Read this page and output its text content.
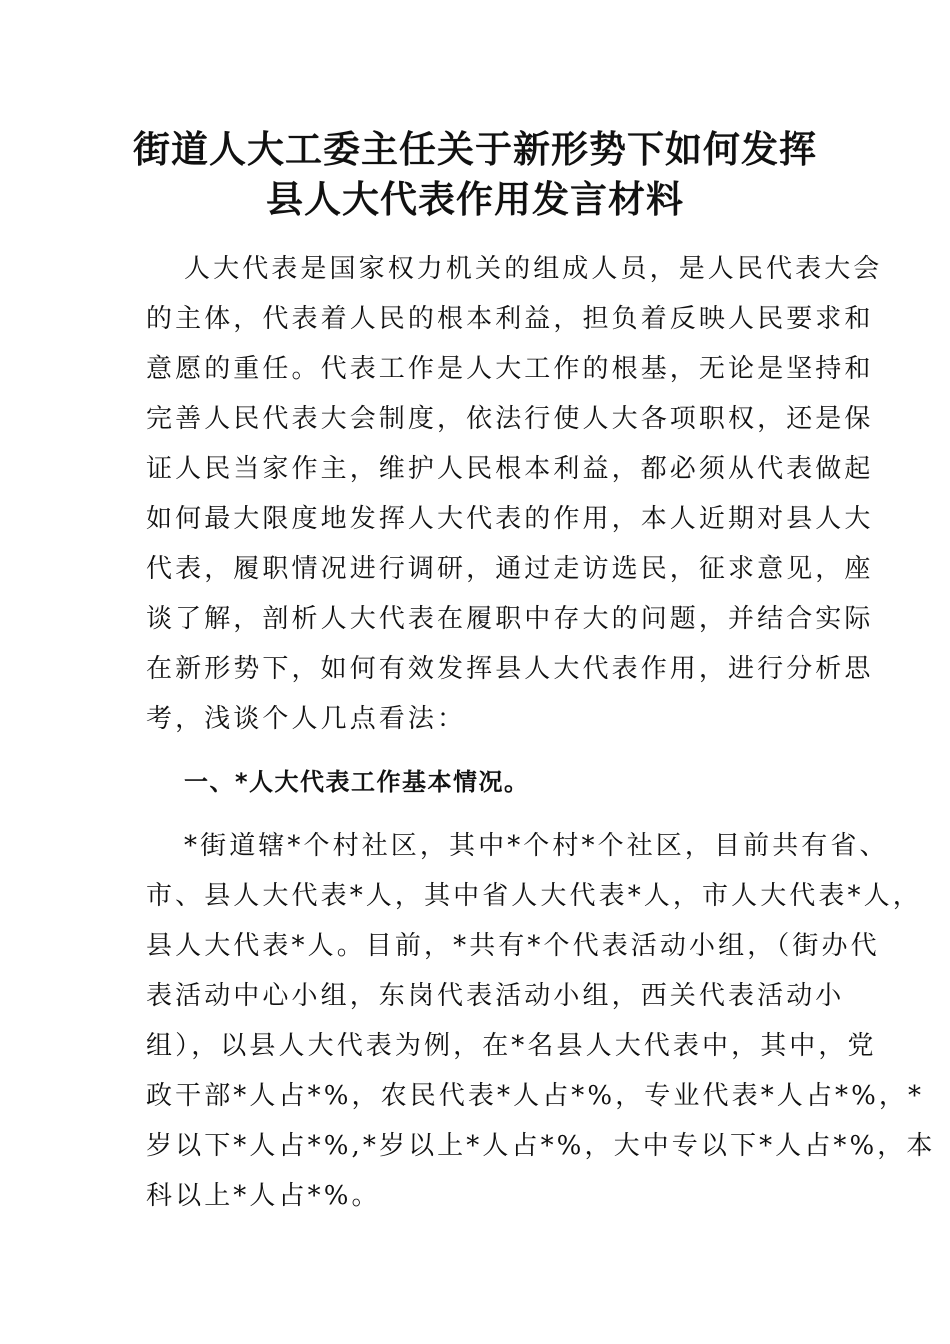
街道人大工委主任关于新形势下如何发挥
县人大代表作用发言材料
人大代表是国家权力机关的组成人员，是人民代表大会
的主体，代表着人民的根本利益，担负着反映人民要求和
意愿的重任。代表工作是人大工作的根基，无论是坚持和
完善人民代表大会制度，依法行使人大各项职权，还是保
证人民当家作主，维护人民根本利益，都必须从代表做起
如何最大限度地发挥人大代表的作用，本人近期对县人大
代表，履职情况进行调研，通过走访选民，征求意见，座
谈了解，剖析人大代表在履职中存大的问题，并结合实际
在新形势下，如何有效发挥县人大代表作用，进行分析思
考，浅谈个人几点看法：
一、*人大代表工作基本情况。
*街道辖*个村社区，其中*个村*个社区，目前共有省、
市、县人大代表*人，其中省人大代表*人，市人大代表*人，
县人大代表*人。目前，*共有*个代表活动小组，（街办代
表活动中心小组，东岗代表活动小组，西关代表活动小
组），以县人大代表为例，在*名县人大代表中，其中，党
政干部*人占*%，农民代表*人占*%，专业代表*人占*%，*
岁以下*人占*%,*岁以上*人占*%，大中专以下*人占*%，本
科以上*人占*%。
